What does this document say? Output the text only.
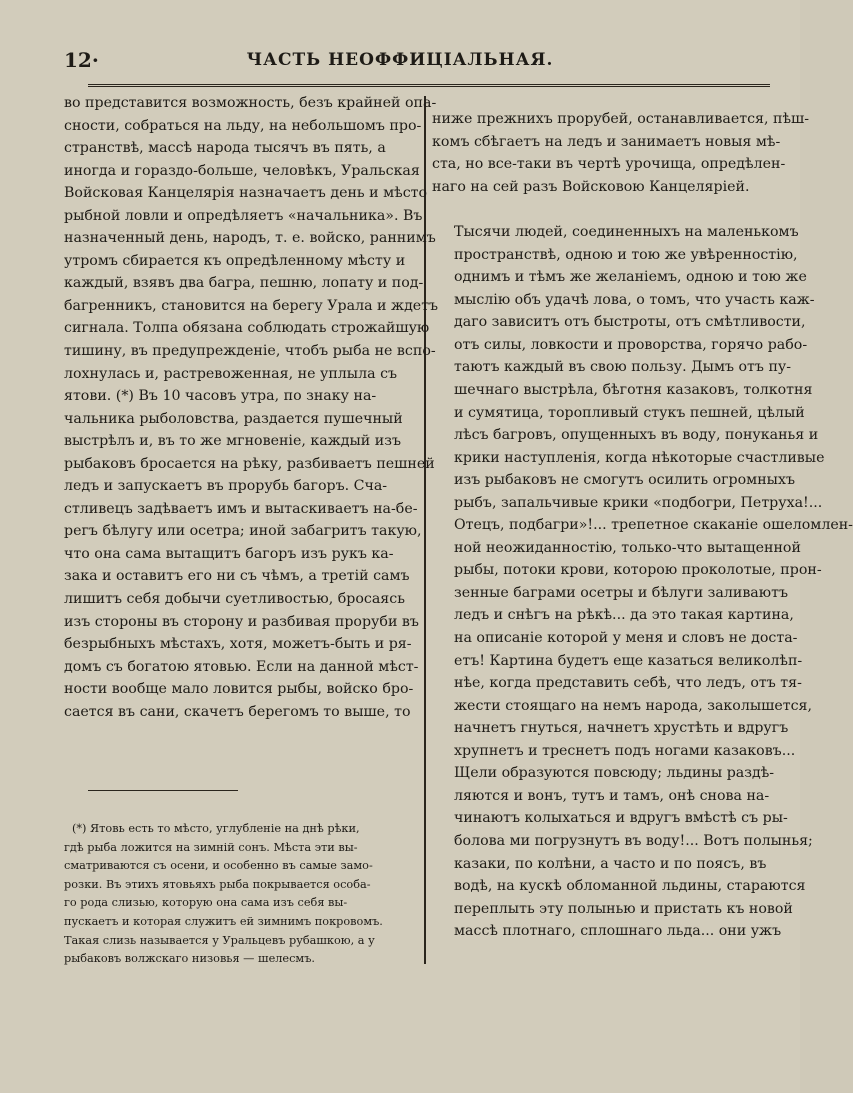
12·	ЧАСТЬ НЕОФФИЦІАЛЬНАЯ.

во представится возможность, безъ крайней опа-
сности, собраться на льду, на небольшомъ про-
странствѣ, массѣ народа тысячъ въ пять, а
иногда и гораздо-больше, человѣкъ, Уральская
Войсковая Канцелярія назначаетъ день и мѣсто
рыбной ловли и опредѣляетъ «начальника». Въ
назначенный день, народъ, т. е. войско, раннимъ
утромъ сбирается къ опредѣленному мѣсту и
каждый, взявъ два багра, пешню, лопату и под-
багренникъ, становится на берегу Урала и ждетъ
сигнала. Толпа обязана соблюдать строжайшую
тишину, въ предупрежденіе, чтобъ рыба не вспо-
лохнулась и, растревоженная, не уплыла съ
ятови. (*) Въ 10 часовъ утра, по знаку на-
чальника рыболовства, раздается пушечный
выстрѣлъ и, въ то же мгновеніе, каждый изъ
рыбаковъ бросается на рѣку, разбиваетъ пешней
ледъ и запускаетъ въ прорубь багоръ. Сча-
стливецъ задѣваетъ имъ и вытаскиваетъ на-бе-
регъ бѣлугу или осетра; иной забагритъ такую,
что она сама вытащитъ багоръ изъ рукъ ка-
зака и оставитъ его ни съ чѣмъ, а третій самъ
лишитъ себя добычи суетливостью, бросаясь
изъ стороны въ сторону и разбивая проруби въ
безрыбныхъ мѣстахъ, хотя, можетъ-быть и ря-
домъ съ богатою ятовью. Если на данной мѣст-
ности вообще мало ловится рыбы, войско бро-
сается въ сани, скачетъ берегомъ то выше, то

(*) Ятовь есть то мѣсто, углубленіе на днѣ рѣки,
гдѣ рыба ложится на зимній сонъ. Мѣста эти вы-
сматриваются съ осени, и особенно въ самые замо-
розки. Въ этихъ ятовьяхъ рыба покрывается особа-
го рода слизью, которую она сама изъ себя вы-
пускаетъ и которая служитъ ей зимнимъ покровомъ.
Такая слизь называется у Уральцевъ рубашкою, а у
рыбаковъ волжскаго низовья — шелесмъ.

ниже прежнихъ прорубей, останавливается, пѣш-
комъ сбѣгаетъ на ледъ и занимаетъ новыя мѣ-
ста, но все-таки въ чертѣ урочища, опредѣлен-
наго на сей разъ Войсковою Канцеляріей.

Тысячи людей, соединенныхъ на маленькомъ
пространствѣ, одною и тою же увѣренностію,
однимъ и тѣмъ же желаніемъ, одною и тою же
мыслію объ удачѣ лова, о томъ, что участь каж-
даго зависитъ отъ быстроты, отъ смѣтливости,
отъ силы, ловкости и проворства, горячо рабо-
таютъ каждый въ свою пользу. Дымъ отъ пу-
шечнаго выстрѣла, бѣготня казаковъ, толкотня
и сумятица, торопливый стукъ пешней, цѣлый
лѣсъ багровъ, опущенныхъ въ воду, понуканья и
крики наступленія, когда нѣкоторые счастливые
изъ рыбаковъ не смогутъ осилить огромныхъ
рыбъ, запальчивые крики «подбогри, Петруха!...
Отецъ, подбагри»!... трепетное скаканіе ошеломлен-
ной неожиданностію, только-что вытащенной
рыбы, потоки крови, которою проколотые, прон-
зенные баграми осетры и бѣлуги заливаютъ
ледъ и снѣгъ на рѣкѣ... да это такая картина,
на описаніе которой у меня и словъ не доста-
етъ! Картина будетъ еще казаться великолѣп-
нѣе, когда представить себѣ, что ледъ, отъ тя-
жести стоящаго на немъ народа, заколышется,
начнетъ гнуться, начнетъ хрустѣть и вдругъ
хрупнетъ и треснетъ подъ ногами казаковъ...
Щели образуются повсюду; льдины раздѣ-
ляются и вонъ, тутъ и тамъ, онѣ снова на-
чинаютъ колыхаться и вдругъ вмѣстѣ съ ры-
болова ми погрузнутъ въ воду!... Вотъ полынья;
казаки, по колѣни, а часто и по поясъ, въ
водѣ, на кускѣ обломанной льдины, стараются
переплыть эту полынью и пристать къ новой
массѣ плотнаго, сплошнаго льда... они ужъ
